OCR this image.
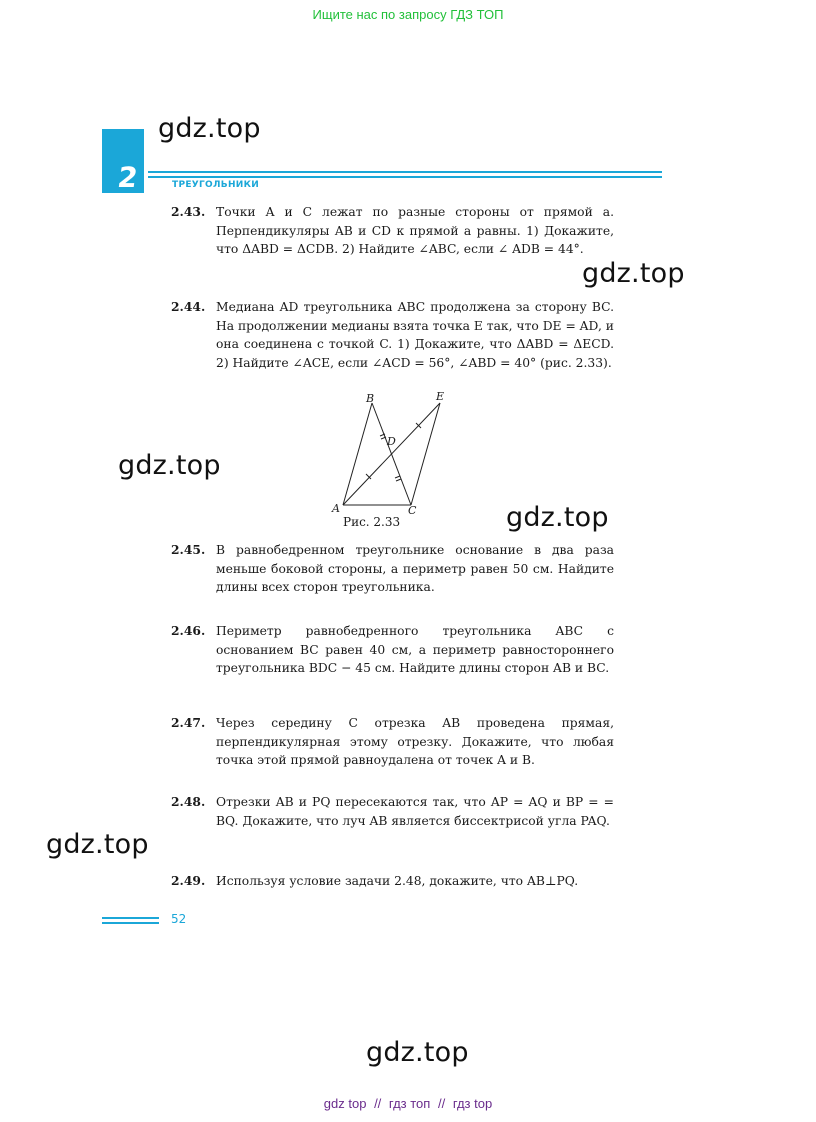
Ищите нас по запросу ГДЗ ТОП
gdz.top
gdz.top
gdz.top
gdz.top
gdz.top
gdz.top
2	ТРЕУГОЛЬНИКИ
2.43. Точки A и C лежат по разные стороны от прямой a. Перпендикуляры AB и CD к прямой a равны. 1) Докажите, что ΔABD = ΔCDB. 2) Найдите ∠ABC, если ∠ ADB = 44°.
2.44. Медиана AD треугольника ABC продолжена за сторону BC. На продолжении медианы взята точка E так, что DE = AD, и она соединена с точкой C. 1) Докажите, что ΔABD = ΔECD. 2) Найдите ∠ACE, если ∠ACD = 56°, ∠ABD = 40° (рис. 2.33).
B	E
D
A	C
Рис. 2.33
2.45. В равнобедренном треугольнике основание в два раза меньше боковой стороны, а периметр равен 50 см. Найдите длины всех сторон треугольника.
2.46. Периметр равнобедренного треугольника ABC с основанием BC равен 40 см, а периметр равностороннего треугольника BDC − 45 см. Найдите длины сторон AB и BC.
2.47. Через середину C отрезка AB проведена прямая, перпендикулярная этому отрезку. Докажите, что любая точка этой прямой равноудалена от точек A и B.
2.48. Отрезки AB и PQ пересекаются так, что AP = AQ и BP = = BQ. Докажите, что луч AB является биссектрисой угла PAQ.
2.49. Используя условие задачи 2.48, докажите, что AB⊥PQ.
52
gdz top // гдз топ // гдз top
